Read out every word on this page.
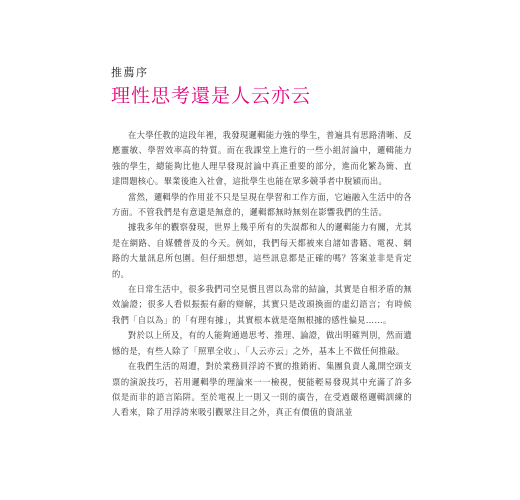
推薦序

理性思考還是人云亦云

在大學任教的這段年裡，我發現邏輯能力強的學生，普遍具有思路清晰、反應靈敏、學習效率高的特質。而在我課堂上進行的一些小組討論中，邏輯能力強的學生，總能夠比他人理早發現討論中真正重要的部分，進而化繁為簡、直達問題核心。畢業後進入社會，這批學生也能在眾多競爭者中脫穎而出。

當然，邏輯學的作用並不只是呈現在學習和工作方面，它遍融入生活中的各方面。不管我們是有意還是無意的，邏輯都無時無刻在影響我們的生活。

據我多年的觀察發現，世界上幾乎所有的失誤都和人的邏輯能力有關，尤其是在網路、自媒體普及的今天。例如，我們每天都被來自諸如書籍、電視、網路的大量訊息所包圍。但仔細想想，這些訊息都是正確的嗎？答案並非是肯定的。

在日常生活中，很多我們司空見慣且習以為常的結論，其實是自相矛盾的無效論證；很多人看似振振有辭的辯解，其實只是改頭換面的虛幻語言；有時候我們「自以為」的「有理有據」，其實根本就是毫無根據的感性偏見……。

對於以上所及，有的人能夠通過思考、推理、論證，做出明確判別，然而遺憾的是，有些人除了「照單全收」、「人云亦云」之外，基本上不做任何推敲。

在我們生活的周遭，對於業務員浮誇不實的推銷術、集團負責人亂開空頭支票的演說技巧，若用邏輯學的理論來一一檢視，便能輕易發現其中充滿了許多似是而非的語言陷阱。至於電視上一則又一則的廣告，在受過嚴格邏輯訓練的人看來，除了用浮誇來吸引觀眾注目之外，真正有價值的資訊並
